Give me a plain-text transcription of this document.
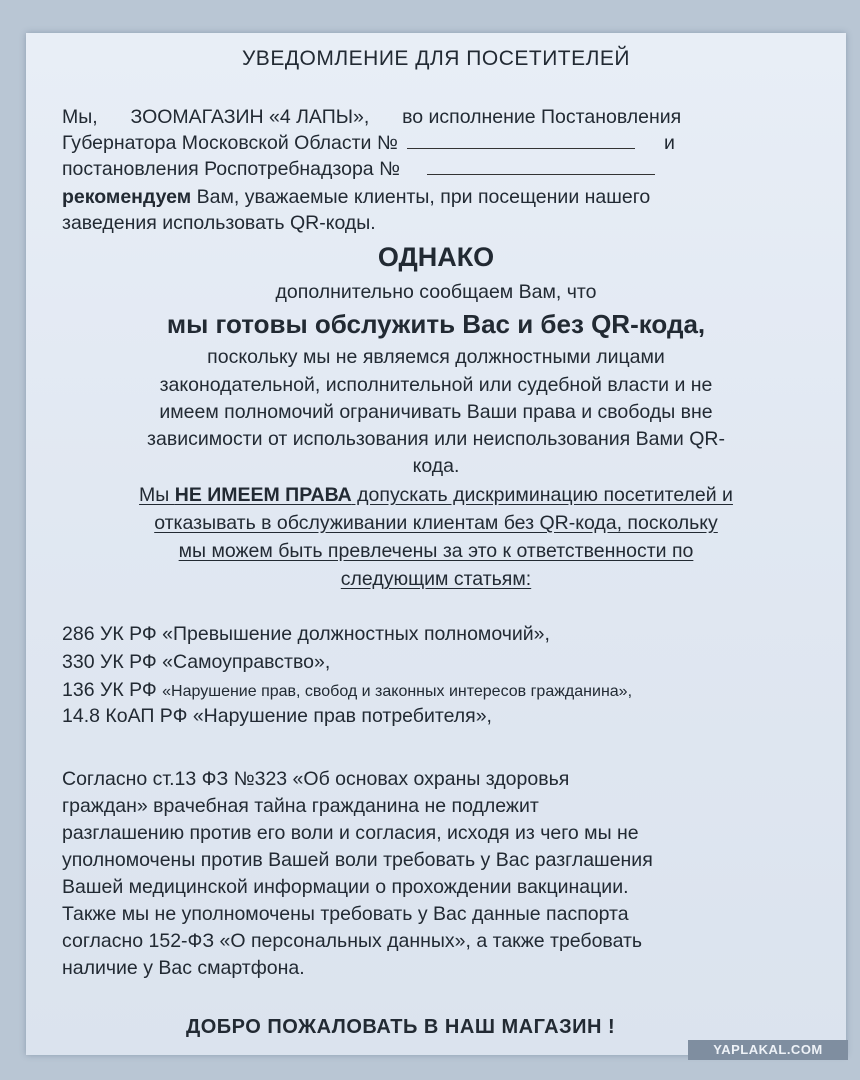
УВЕДОМЛЕНИЕ ДЛЯ ПОСЕТИТЕЛЕЙ
Мы, ЗООМАГАЗИН «4 ЛАПЫ», во исполнение Постановления
Губернатора Московской Области №	и
постановления Роспотребнадзора №
рекомендуем Вам, уважаемые клиенты, при посещении нашего
заведения использовать QR-коды.
ОДНАКО
дополнительно сообщаем Вам, что
мы готовы обслужить Вас и без QR-кода,
поскольку мы не являемся должностными лицами
законодательной, исполнительной или судебной власти и не
имеем полномочий ограничивать Ваши права и свободы вне
зависимости от использования или неиспользования Вами QR-
кода.
Мы НЕ ИМЕЕМ ПРАВА допускать дискриминацию посетителей и
отказывать в обслуживании клиентам без QR-кода, поскольку
мы можем быть превлечены за это к ответственности по
следующим статьям:
286 УК РФ «Превышение должностных полномочий»,
330 УК РФ «Самоуправство»,
136 УК РФ «Нарушение прав, свобод и законных интересов гражданина»,
14.8 КоАП РФ «Нарушение прав потребителя»,
Согласно ст.13 ФЗ №323 «Об основах охраны здоровья
граждан» врачебная тайна гражданина не подлежит
разглашению против его воли и согласия, исходя из чего мы не
уполномочены против Вашей воли требовать у Вас разглашения
Вашей медицинской информации о прохождении вакцинации.
Также мы не уполномочены требовать у Вас данные паспорта
согласно 152-ФЗ «О персональных данных», а также требовать
наличие у Вас смартфона.
ДОБРО ПОЖАЛОВАТЬ В НАШ МАГАЗИН !
YAPLAKAL.COM
